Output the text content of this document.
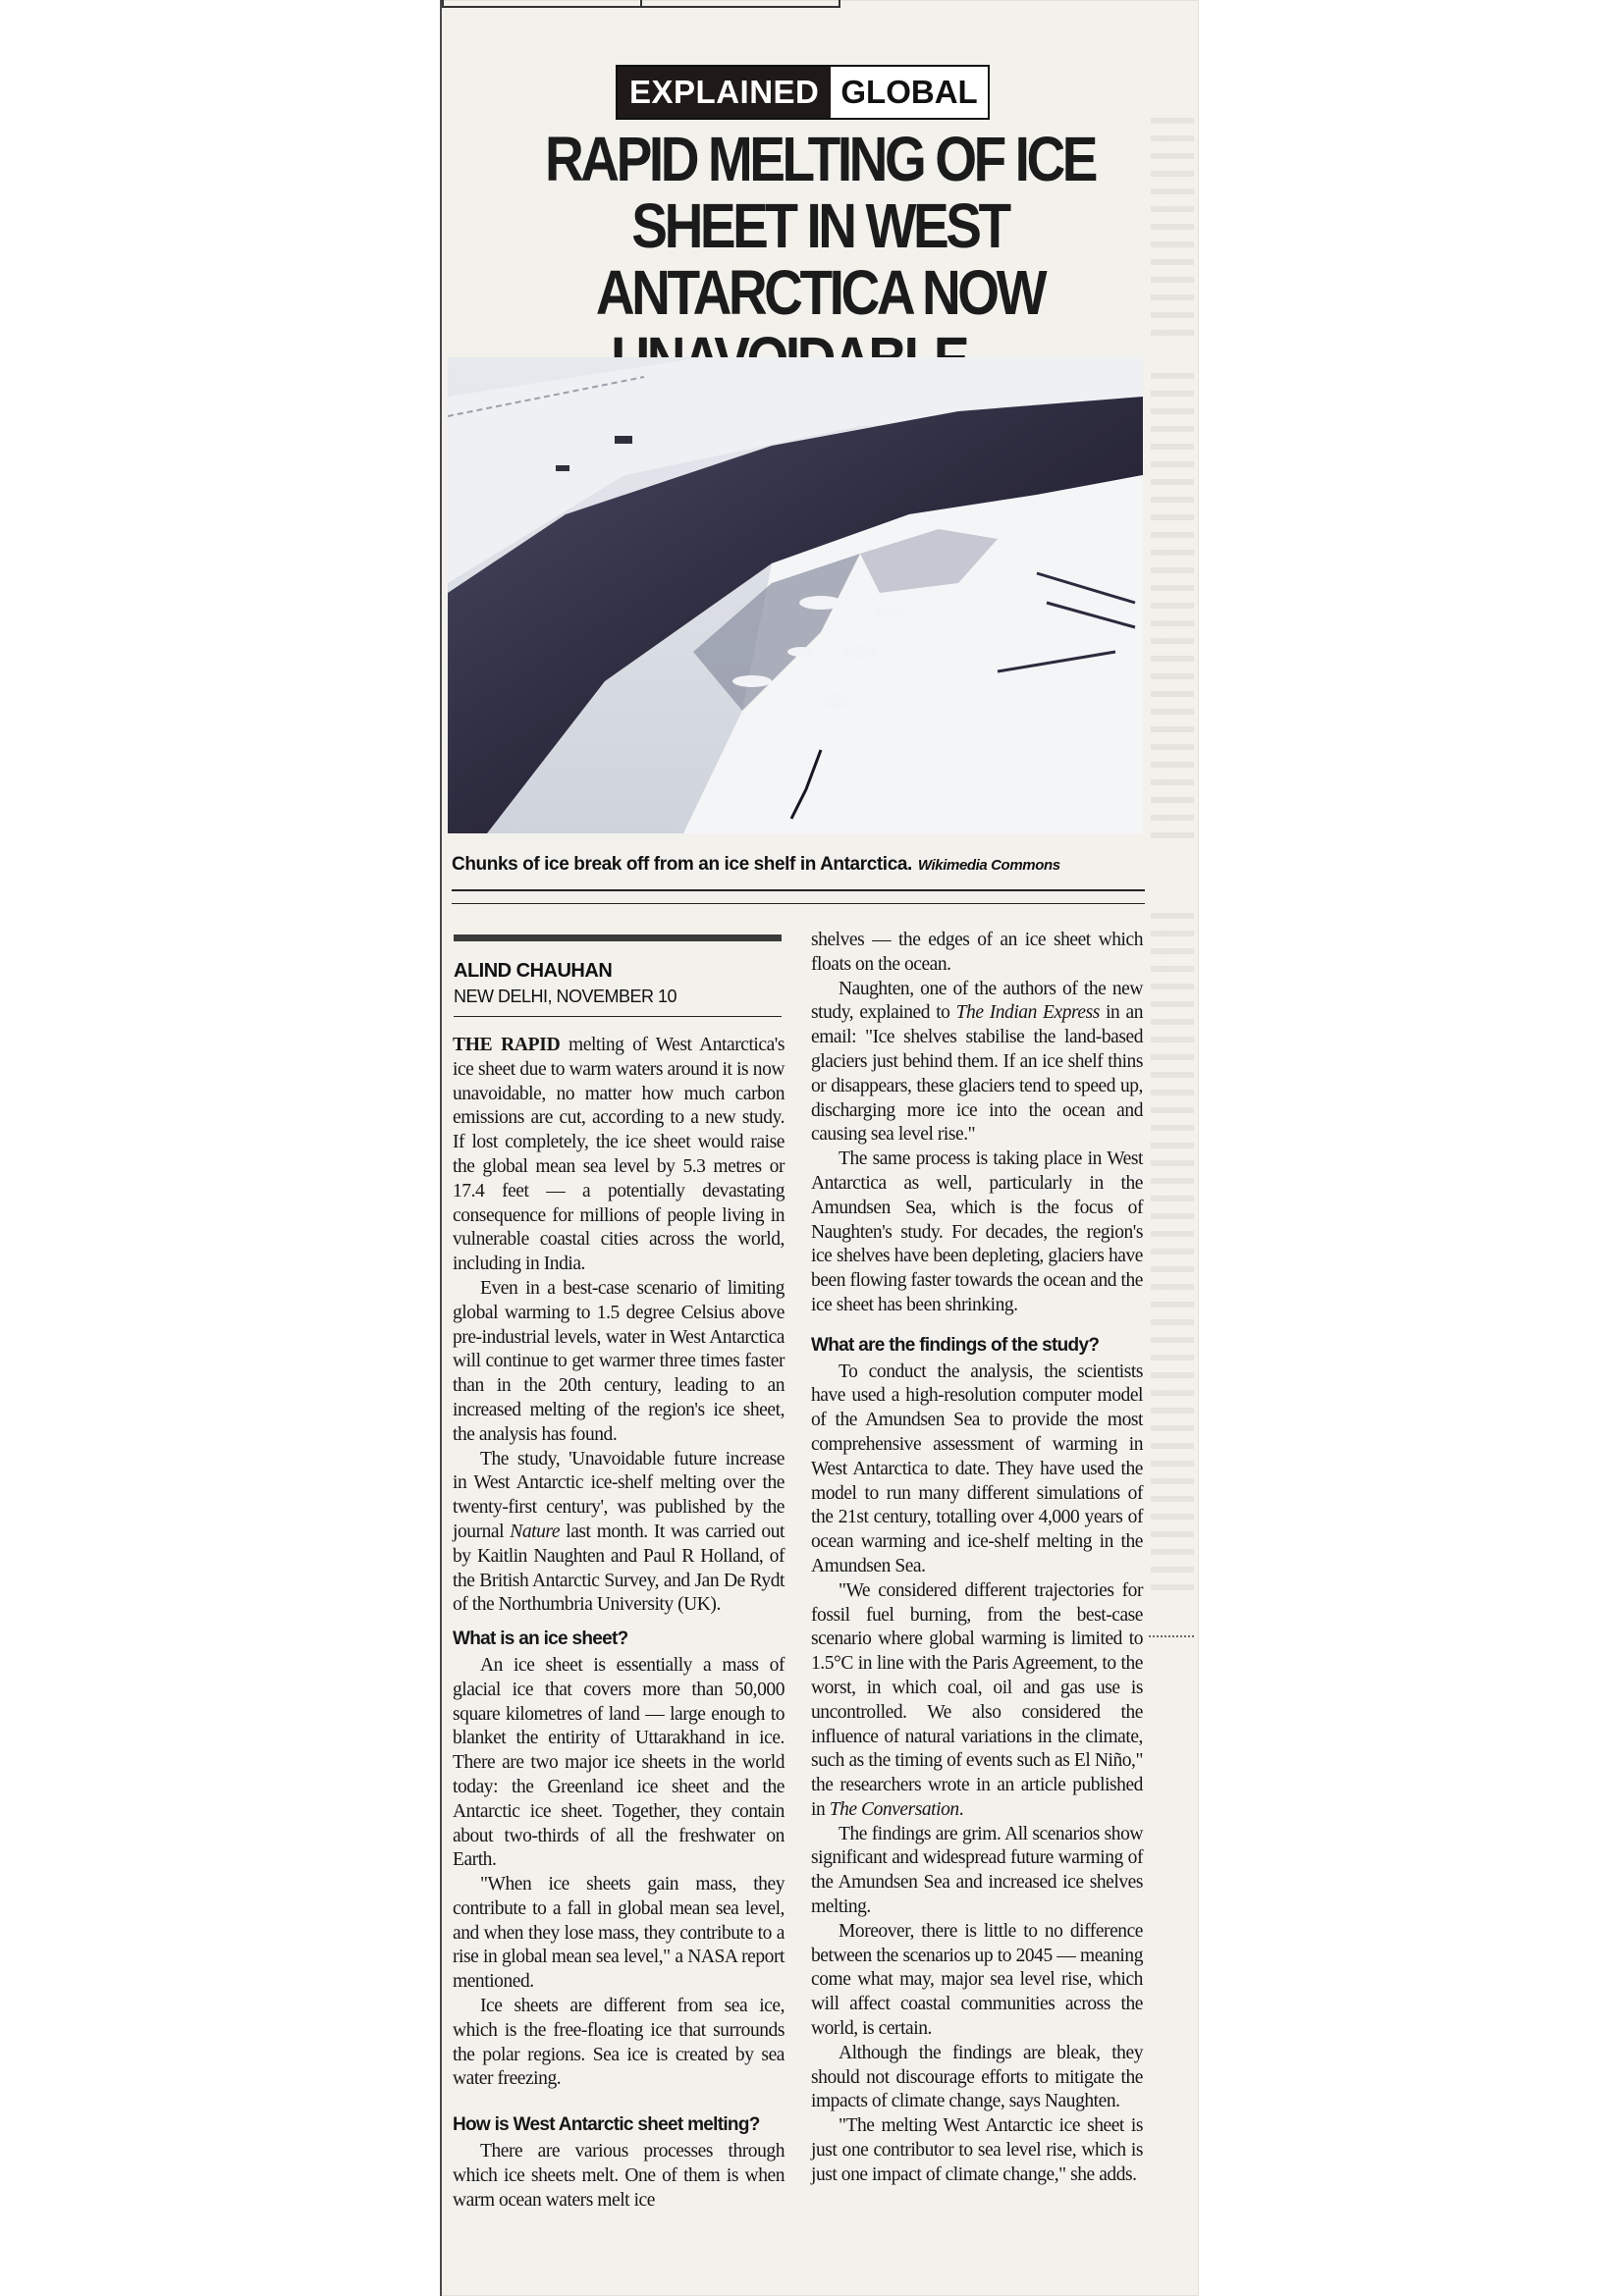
EXPLAINED GLOBAL
RAPID MELTING OF ICE SHEET IN WEST
ANTARCTICA NOW

Chunks of ice break off from an ice shelf in Antarctica. Wikimedia Commons
ALIND CHAUHAN
NEW DELHI, NOVEMBER 10

THE RAPID melting of West Antarctica's ice sheet due to warm waters around it is now unavoidable, no matter how much carbon emissions are cut, according to a new study. If lost completely, the ice sheet would raise the global mean sea level by 5.3 metres or 17.4 feet — a potentially devastating consequence for millions of people living in vulnerable coastal cities across the world, including in India.

Even in a best-case scenario of limiting global warming to 1.5 degree Celsius above pre-industrial levels, water in West Antarctica will continue to get warmer three times faster than in the 20th century, leading to an increased melting of the region's ice sheet, the analysis has found.

The study, 'Unavoidable future increase in West Antarctic ice-shelf melting over the twenty-first century', was published by the journal Nature last month. It was carried out by Kaitlin Naughten and Paul R Holland, of the British Antarctic Survey, and Jan De Rydt of the Northumbria University (UK).

What is an ice sheet?

An ice sheet is essentially a mass of glacial ice that covers more than 50,000 square kilometres of land — large enough to blanket the entirity of Uttarakhand in ice. There are two major ice sheets in the world today: the Greenland ice sheet and the Antarctic ice sheet. Together, they contain about two-thirds of all the freshwater on Earth.

"When ice sheets gain mass, they contribute to a fall in global mean sea level, and when they lose mass, they contribute to a rise in global mean sea level," a NASA report mentioned.

Ice sheets are different from sea ice, which is the free-floating ice that surrounds the polar regions. Sea ice is created by sea water freezing.

How is West Antarctic sheet melting?

There are various processes through which ice sheets melt. One of them is when warm ocean waters melt ice

shelves — the edges of an ice sheet which floats on the ocean.

Naughten, one of the authors of the new study, explained to The Indian Express in an email: "Ice shelves stabilise the land-based glaciers just behind them. If an ice shelf thins or disappears, these glaciers tend to speed up, discharging more ice into the ocean and causing sea level rise."

The same process is taking place in West Antarctica as well, particularly in the Amundsen Sea, which is the focus of Naughten's study. For decades, the region's ice shelves have been depleting, glaciers have been flowing faster towards the ocean and the ice sheet has been shrinking.

What are the findings of the study?

To conduct the analysis, the scientists have used a high-resolution computer model of the Amundsen Sea to provide the most comprehensive assessment of warming in West Antarctica to date. They have used the model to run many different simulations of the 21st century, totalling over 4,000 years of ocean warming and ice-shelf melting in the Amundsen Sea.

"We considered different trajectories for fossil fuel burning, from the best-case scenario where global warming is limited to 1.5°C in line with the Paris Agreement, to the worst, in which coal, oil and gas use is uncontrolled. We also considered the influence of natural variations in the climate, such as the timing of events such as El Niño," the researchers wrote in an article published in The Conversation.

The findings are grim. All scenarios show significant and widespread future warming of the Amundsen Sea and increased ice shelves melting.

Moreover, there is little to no difference between the scenarios up to 2045 — meaning come what may, major sea level rise, which will affect coastal communities across the world, is certain.

Although the findings are bleak, they should not discourage efforts to mitigate the impacts of climate change, says Naughten.

"The melting West Antarctic ice sheet is just one contributor to sea level rise, which is just one impact of climate change," she adds.
